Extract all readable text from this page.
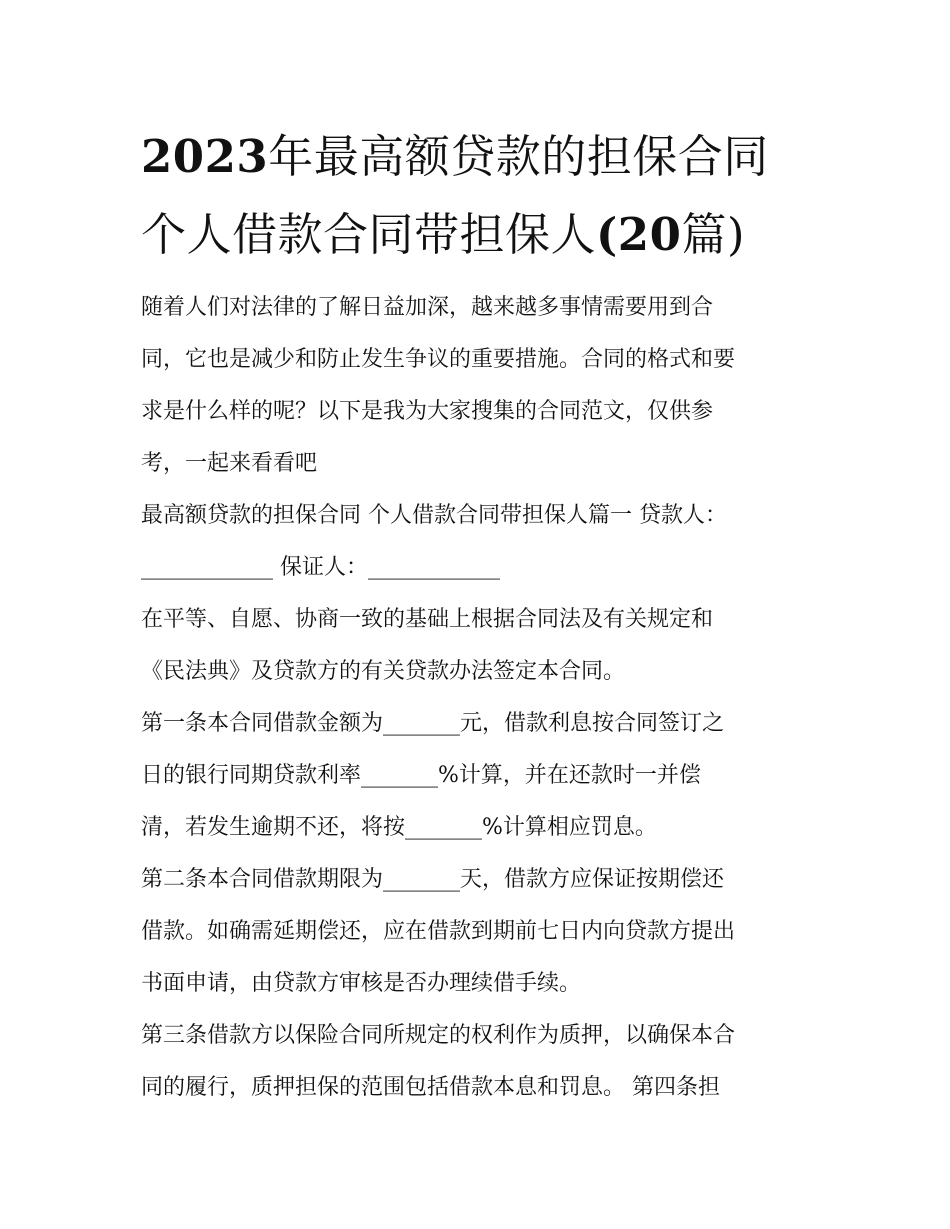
2023年最高额贷款的担保合同
个人借款合同带担保人(20篇)

随着人们对法律的了解日益加深，越来越多事情需要用到合
同，它也是减少和防止发生争议的重要措施。合同的格式和要
求是什么样的呢？以下是我为大家搜集的合同范文，仅供参
考，一起来看看吧

最高额贷款的担保合同 个人借款合同带担保人篇一 贷款人：
____________ 保证人：____________

在平等、自愿、协商一致的基础上根据合同法及有关规定和
《民法典》及贷款方的有关贷款办法签定本合同。

第一条本合同借款金额为_______元，借款利息按合同签订之
日的银行同期贷款利率_______%计算，并在还款时一并偿
清，若发生逾期不还，将按_______%计算相应罚息。

第二条本合同借款期限为_______天，借款方应保证按期偿还
借款。如确需延期偿还，应在借款到期前七日内向贷款方提出
书面申请，由贷款方审核是否办理续借手续。

第三条借款方以保险合同所规定的权利作为质押，以确保本合
同的履行，质押担保的范围包括借款本息和罚息。 第四条担
